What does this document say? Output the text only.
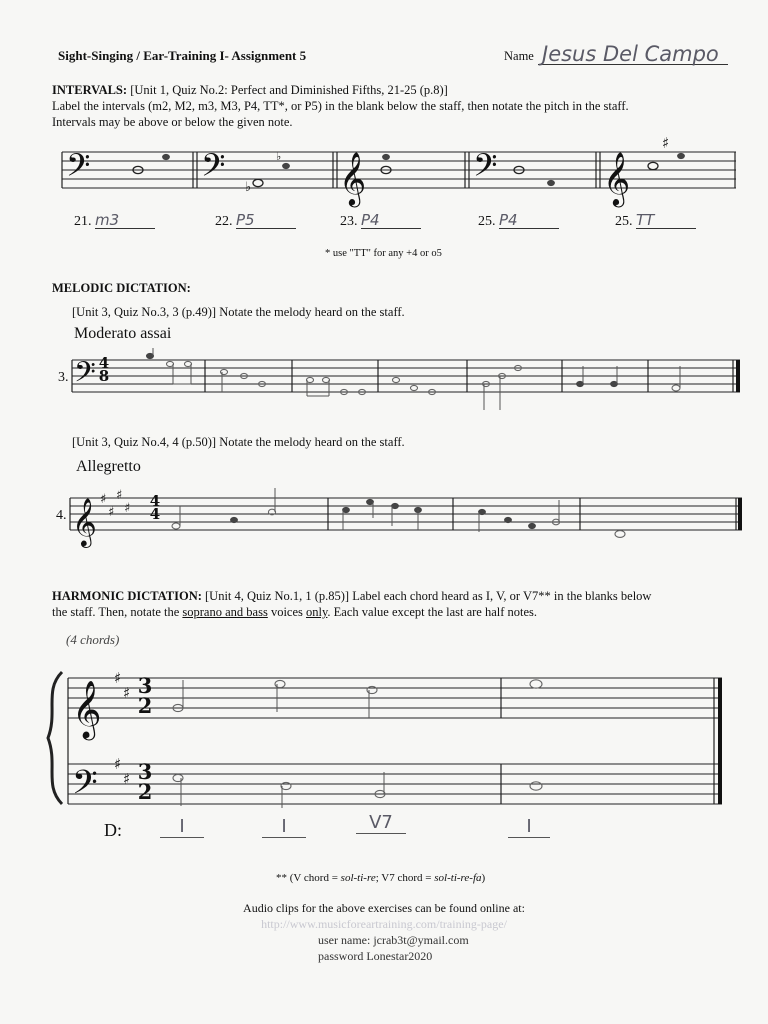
Sight-Singing / Ear-Training I- Assignment 5	Name Jesus Del Campo
INTERVALS: [Unit 1, Quiz No.2: Perfect and Diminished Fifths, 21-25 (p.8)]
Label the intervals (m2, M2, m3, M3, P4, TT*, or P5) in the blank below the staff, then notate the pitch in the staff.
Intervals may be above or below the given note.
𝄢	𝄢 𝄞	𝄢 𝄞
♭
♭
♯
21. m3	22. P5	23. P4	25. P4	25. TT
* use "TT" for any +4 or o5
MELODIC DICTATION:
[Unit 3, Quiz No.3, 3 (p.49)] Notate the melody heard on the staff.
Moderato assai
3. 𝄢 4
8
[Unit 3, Quiz No.4, 4 (p.50)] Notate the melody heard on the staff.
Allegretto
4. 𝄞 ♯
♯
♯
♯ 4
4
HARMONIC DICTATION: [Unit 4, Quiz No.1, 1 (p.85)] Label each chord heard as I, V, or V7** in the blanks below
the staff. Then, notate the soprano and bass voices only. Each value except the last are half notes.
(4 chords)
𝄞
𝄢
♯
♯
♯
♯
3
2
3
2
D:	I	I	V7	I
** (V chord = sol-ti-re; V7 chord = sol-ti-re-fa)
Audio clips for the above exercises can be found online at:
http://www.musicforeartraining.com/training-page/
user name: jcrab3t@ymail.com
password Lonestar2020
